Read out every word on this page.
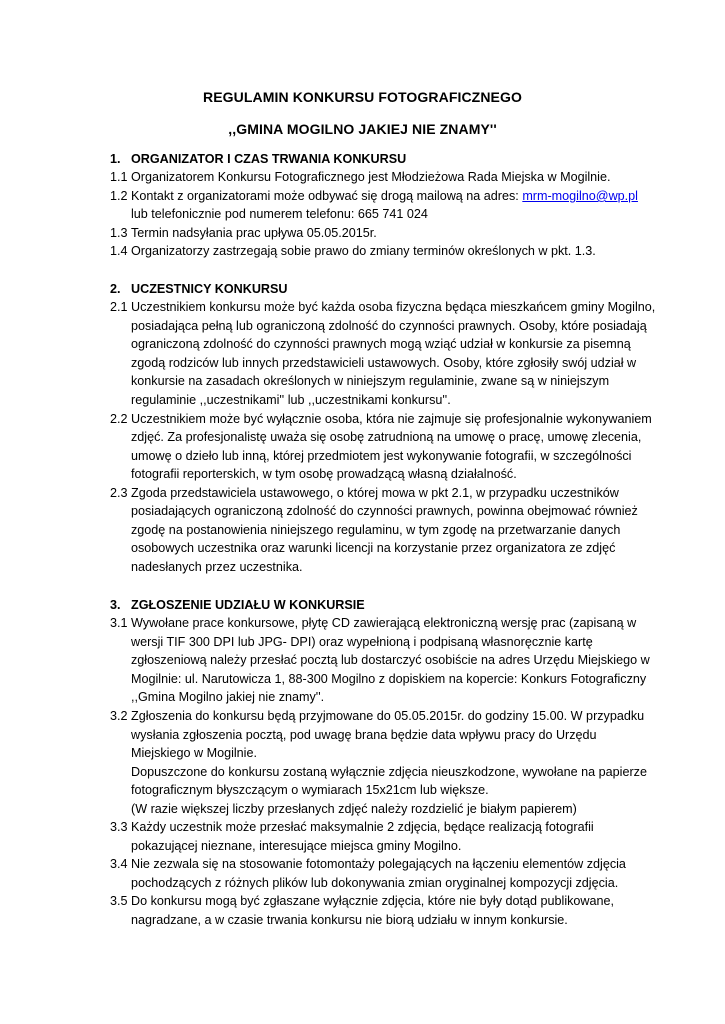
REGULAMIN KONKURSU FOTOGRAFICZNEGO
,,GMINA MOGILNO JAKIEJ NIE ZNAMY''
1. ORGANIZATOR I CZAS TRWANIA KONKURSU
1.1 Organizatorem Konkursu Fotograficznego jest Młodzieżowa Rada Miejska w Mogilnie.
1.2 Kontakt z organizatorami może odbywać się drogą mailową na adres: mrm-mogilno@wp.pl
lub telefonicznie pod numerem telefonu: 665 741 024
1.3 Termin nadsyłania prac upływa 05.05.2015r.
1.4 Organizatorzy zastrzegają sobie prawo do zmiany terminów określonych w pkt. 1.3.
2. UCZESTNICY KONKURSU
2.1 Uczestnikiem konkursu może być każda osoba fizyczna będąca mieszkańcem gminy Mogilno,
posiadająca pełną lub ograniczoną zdolność do czynności prawnych. Osoby, które posiadają
ograniczoną zdolność do czynności prawnych mogą wziąć udział w konkursie za pisemną
zgodą rodziców lub innych przedstawicieli ustawowych. Osoby, które zgłosiły swój udział w
konkursie na zasadach określonych w niniejszym regulaminie, zwane są w niniejszym
regulaminie ,,uczestnikami'' lub ,,uczestnikami konkursu''.
2.2 Uczestnikiem może być wyłącznie osoba, która nie zajmuje się profesjonalnie wykonywaniem
zdjęć. Za profesjonalistę uważa się osobę zatrudnioną na umowę o pracę, umowę zlecenia,
umowę o dzieło lub inną, której przedmiotem jest wykonywanie fotografii, w szczególności
fotografii reporterskich, w tym osobę prowadzącą własną działalność.
2.3 Zgoda przedstawiciela ustawowego, o której mowa w pkt 2.1, w przypadku uczestników
posiadających ograniczoną zdolność do czynności prawnych, powinna obejmować również
zgodę na postanowienia niniejszego regulaminu, w tym zgodę na przetwarzanie danych
osobowych uczestnika oraz warunki licencji na korzystanie przez organizatora ze zdjęć
nadesłanych przez uczestnika.
3. ZGŁOSZENIE UDZIAŁU W KONKURSIE
3.1 Wywołane prace konkursowe, płytę CD zawierającą elektroniczną wersję prac (zapisaną w
wersji TIF 300 DPI lub JPG- DPI) oraz wypełnioną i podpisaną własnoręcznie kartę
zgłoszeniową należy przesłać pocztą lub dostarczyć osobiście na adres Urzędu Miejskiego w
Mogilnie: ul. Narutowicza 1, 88-300 Mogilno z dopiskiem na kopercie: Konkurs Fotograficzny
,,Gmina Mogilno jakiej nie znamy''.
3.2 Zgłoszenia do konkursu będą przyjmowane do 05.05.2015r. do godziny 15.00. W przypadku
wysłania zgłoszenia pocztą, pod uwagę brana będzie data wpływu pracy do Urzędu
Miejskiego w Mogilnie.
Dopuszczone do konkursu zostaną wyłącznie zdjęcia nieuszkodzone, wywołane na papierze
fotograficznym błyszczącym o wymiarach 15x21cm lub większe.
(W razie większej liczby przesłanych zdjęć należy rozdzielić je białym papierem)
3.3 Każdy uczestnik może przesłać maksymalnie 2 zdjęcia, będące realizacją fotografii
pokazującej nieznane, interesujące miejsca gminy Mogilno.
3.4 Nie zezwala się na stosowanie fotomontaży polegających na łączeniu elementów zdjęcia
pochodzących z różnych plików lub dokonywania zmian oryginalnej kompozycji zdjęcia.
3.5 Do konkursu mogą być zgłaszane wyłącznie zdjęcia, które nie były dotąd publikowane,
nagradzane, a w czasie trwania konkursu nie biorą udziału w innym konkursie.
